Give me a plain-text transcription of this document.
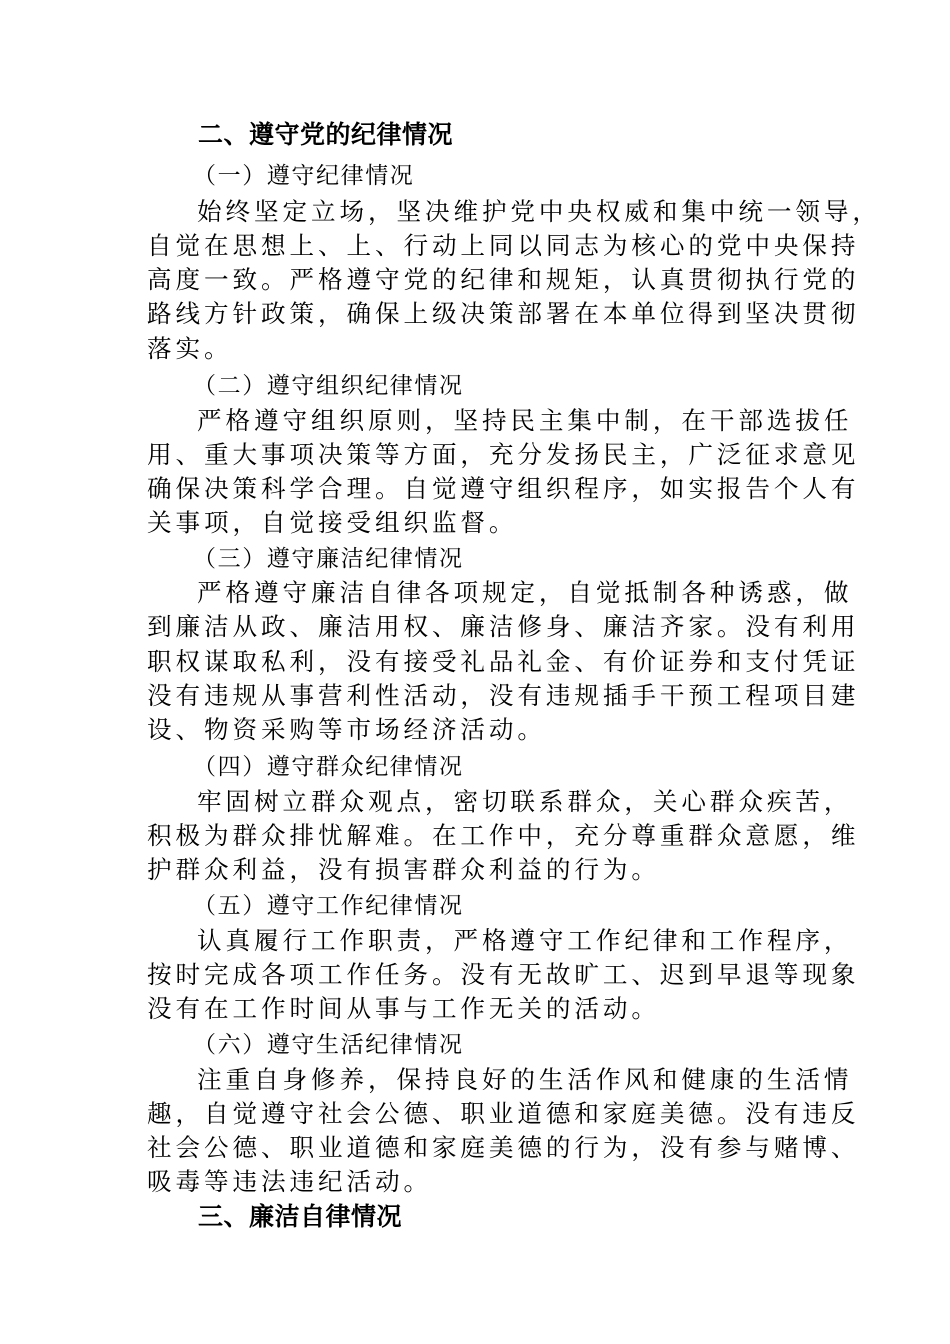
二、遵守党的纪律情况
（一）遵守纪律情况
始终坚定立场，坚决维护党中央权威和集中统一领导，
自觉在思想上、上、行动上同以同志为核心的党中央保持
高度一致。严格遵守党的纪律和规矩，认真贯彻执行党的
路线方针政策，确保上级决策部署在本单位得到坚决贯彻
落实。
（二）遵守组织纪律情况
严格遵守组织原则，坚持民主集中制，在干部选拔任
用、重大事项决策等方面，充分发扬民主，广泛征求意见
确保决策科学合理。自觉遵守组织程序，如实报告个人有
关事项，自觉接受组织监督。
（三）遵守廉洁纪律情况
严格遵守廉洁自律各项规定，自觉抵制各种诱惑，做
到廉洁从政、廉洁用权、廉洁修身、廉洁齐家。没有利用
职权谋取私利，没有接受礼品礼金、有价证券和支付凭证
没有违规从事营利性活动，没有违规插手干预工程项目建
设、物资采购等市场经济活动。
（四）遵守群众纪律情况
牢固树立群众观点，密切联系群众，关心群众疾苦，
积极为群众排忧解难。在工作中，充分尊重群众意愿，维
护群众利益，没有损害群众利益的行为。
（五）遵守工作纪律情况
认真履行工作职责，严格遵守工作纪律和工作程序，
按时完成各项工作任务。没有无故旷工、迟到早退等现象
没有在工作时间从事与工作无关的活动。
（六）遵守生活纪律情况
注重自身修养，保持良好的生活作风和健康的生活情
趣，自觉遵守社会公德、职业道德和家庭美德。没有违反
社会公德、职业道德和家庭美德的行为，没有参与赌博、
吸毒等违法违纪活动。
三、廉洁自律情况
